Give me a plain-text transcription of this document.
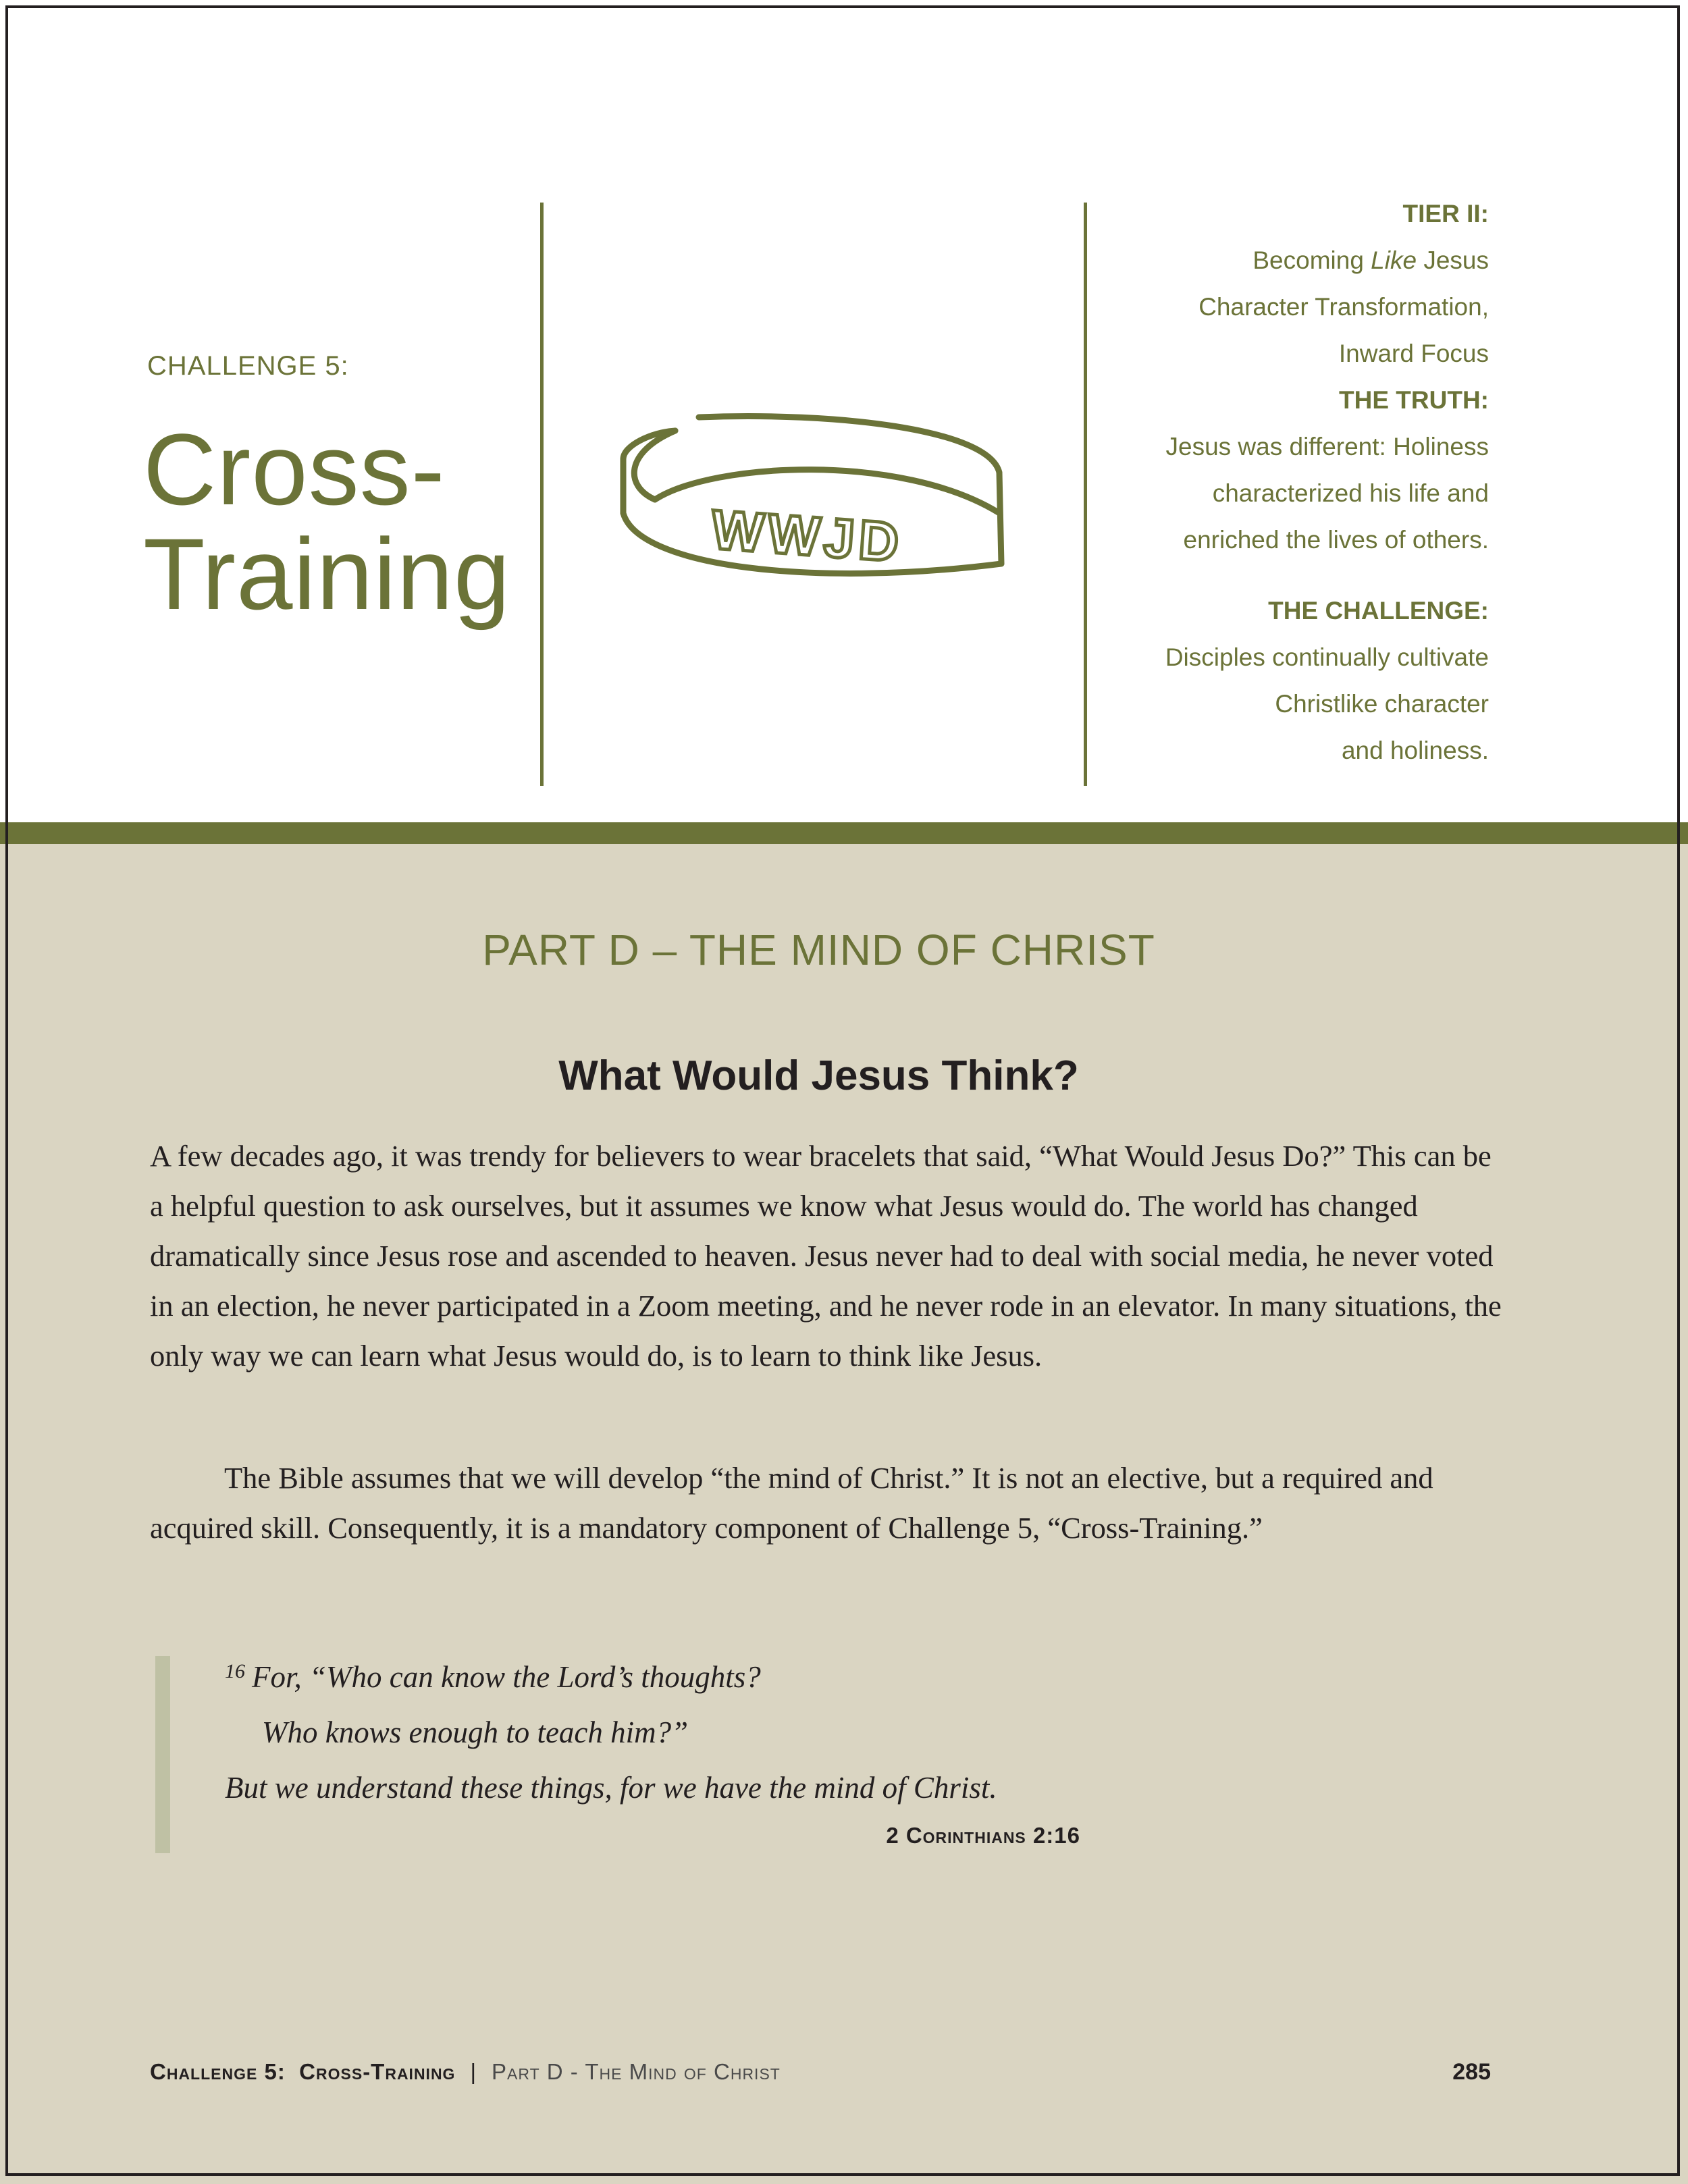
CHALLENGE 5:
Cross-
Training	WWJD
TIER II:
Becoming Like Jesus
Character Transformation,
Inward Focus
THE TRUTH:
Jesus was different: Holiness
characterized his life and
enriched the lives of others.
THE CHALLENGE:
Disciples continually cultivate
Christlike character
and holiness.
PART D – THE MIND OF CHRIST
What Would Jesus Think?
A few decades ago, it was trendy for believers to wear bracelets that said, “What Would Jesus Do?” This can be a helpful question to ask ourselves, but it assumes we know what Jesus would do. The world has changed dramatically since Jesus rose and ascended to heaven. Jesus never had to deal with social media, he never voted in an election, he never participated in a Zoom meeting, and he never rode in an elevator. In many situations, the only way we can learn what Jesus would do, is to learn to think like Jesus.
The Bible assumes that we will develop “the mind of Christ.” It is not an elective, but a required and acquired skill. Consequently, it is a mandatory component of Challenge 5, “Cross-Training.”
$^{16}$ For, “Who can know the Lord’s thoughts?
Who knows enough to teach him?”
But we understand these things, for we have the mind of Christ.
2 Corinthians 2:16
Challenge 5:  Cross-Training | Part D - The Mind of Christ	285
